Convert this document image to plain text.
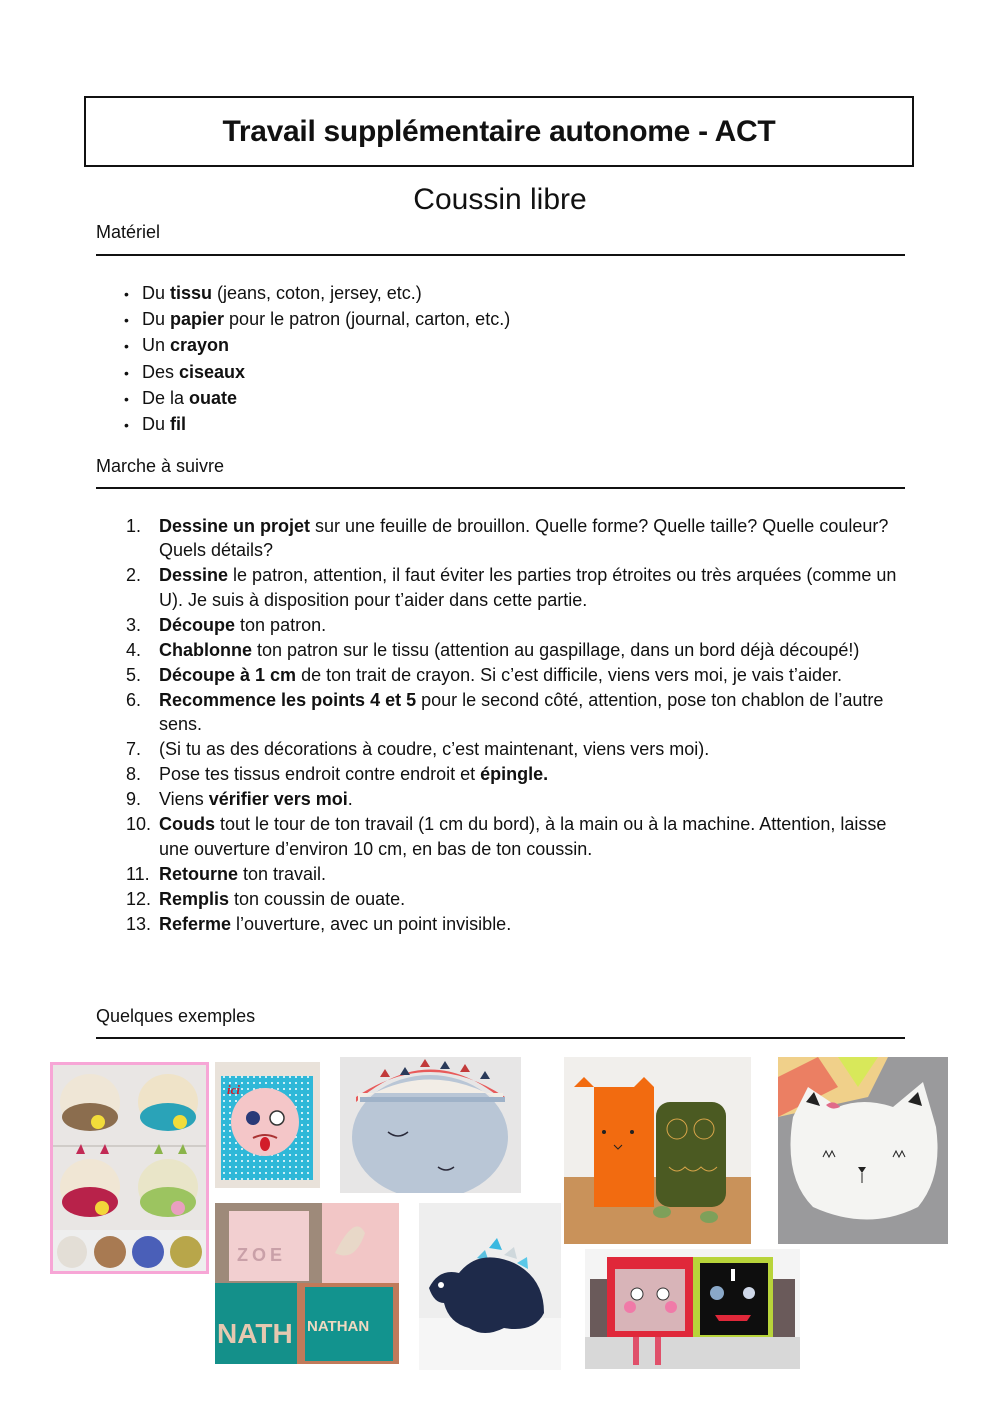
Travail supplémentaire autonome - ACT
Coussin libre
Matériel
• Du tissu (jeans, coton, jersey, etc.)
• Du papier pour le patron (journal, carton, etc.)
• Un crayon
• Des ciseaux
• De la ouate
• Du fil
Marche à suivre
1. Dessine un projet sur une feuille de brouillon. Quelle forme? Quelle taille? Quelle couleur? Quels détails?
2. Dessine le patron, attention, il faut éviter les parties trop étroites ou très arquées (comme un U). Je suis à disposition pour t’aider dans cette partie.
3. Découpe ton patron.
4. Chablonne ton patron sur le tissu (attention au gaspillage, dans un bord déjà découpé!)
5. Découpe à 1 cm de ton trait de crayon. Si c’est difficile, viens vers moi, je vais t’aider.
6. Recommence les points 4 et 5 pour le second côté, attention, pose ton chablon de l’autre sens.
7. (Si tu as des décorations à coudre, c’est maintenant, viens vers moi).
8. Pose tes tissus endroit contre endroit et épingle.
9. Viens vérifier vers moi.
10. Couds tout le tour de ton travail (1 cm du bord), à la main ou à la machine. Attention, laisse une ouverture d’environ 10 cm, en bas de ton coussin.
11. Retourne ton travail.
12. Remplis ton coussin de ouate.
13. Referme l’ouverture, avec un point invisible.
Quelques exemples
ici
ZOE
NATH NATHAN
